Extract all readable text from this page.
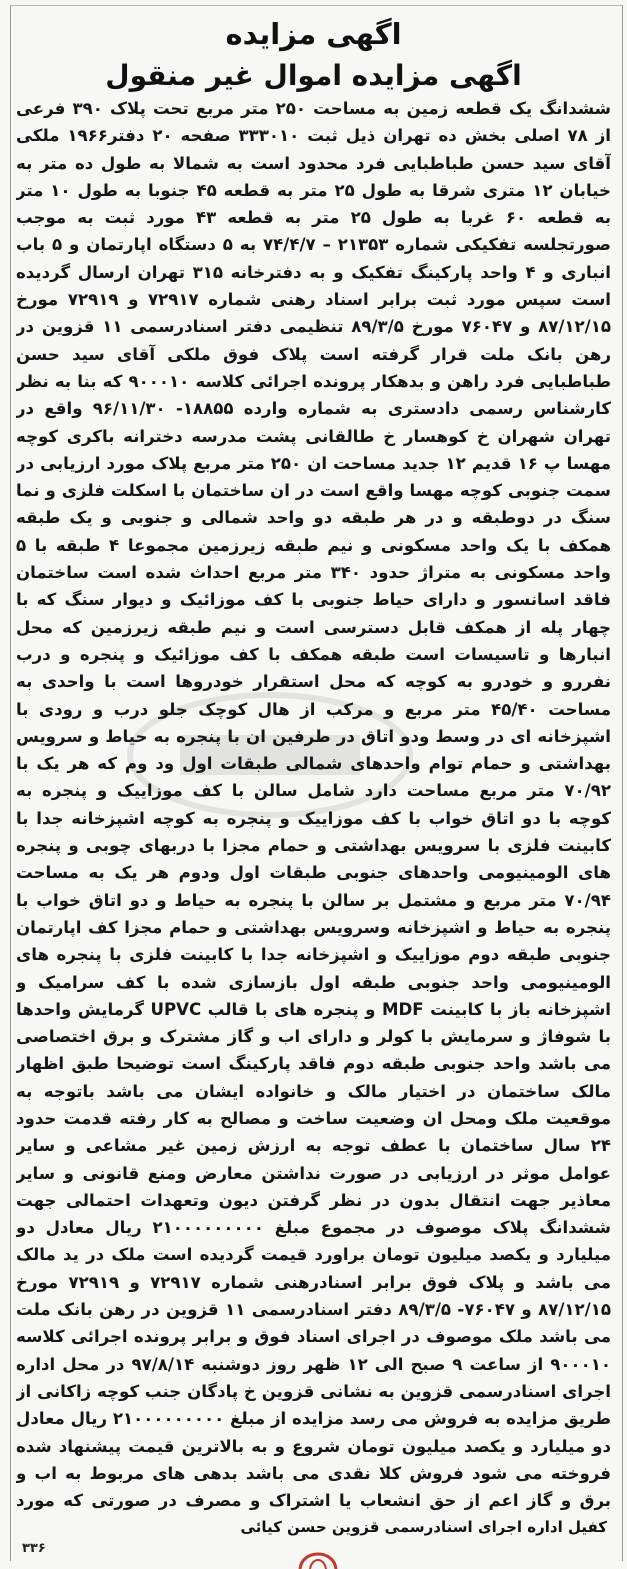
اگهی مزایده
اگهی مزایده اموال غیر منقول
ششدانگ یک قطعه زمین به مساحت ۲۵۰ متر مربع تحت پلاک ۳۹۰ فرعی از ۷۸ اصلی بخش ده تهران ذیل ثبت ۳۳۳۰۱۰ صفحه ۲۰ دفتر۱۹۶۶ ملکی آقای سید حسن طباطبایی فرد محدود است به شمالا به طول ده متر به خیابان ۱۲ متری شرقا به طول ۲۵ متر به قطعه ۴۵ جنوبا به طول ۱۰ متر به قطعه ۶۰ غربا به طول ۲۵ متر به قطعه ۴۳ مورد ثبت به موجب صورتجلسه تفکیکی شماره ۲۱۳۵۳ – ۷۴/۴/۷ به ۵ دستگاه اپارتمان و ۵ باب انباری و ۴ واحد پارکینگ تفکیک و به دفترخانه ۳۱۵ تهران ارسال گردیده است سپس مورد ثبت برابر اسناد رهنی شماره ۷۲۹۱۷ و ۷۲۹۱۹ مورخ ۸۷/۱۲/۱۵ و ۷۶۰۴۷ مورخ ۸۹/۳/۵ تنظیمی دفتر اسنادرسمی ۱۱ قزوین در رهن بانک ملت قرار گرفته است پلاک فوق ملکی آقای سید حسن طباطبایی فرد راهن و بدهکار پرونده اجرائی کلاسه ۹۰۰۰۱۰ که بنا به نظر کارشناس رسمی دادستری به شماره وارده ۱۸۸۵۵- ۹۶/۱۱/۳۰ واقع در تهران شهران خ کوهسار خ طالقانی پشت مدرسه دخترانه باکری کوچه مهسا پ ۱۶ قدیم ۱۲ جدید مساحت ان ۲۵۰ متر مربع پلاک مورد ارزیابی در سمت جنوبی کوچه مهسا واقع است در ان ساختمان با اسکلت فلزی و نما سنگ در دوطبقه و در هر طبقه دو واحد شمالی و جنوبی و یک طبقه همکف با یک واحد مسکونی و نیم طبقه زیرزمین مجموعا ۴ طبقه با ۵ واحد مسکونی به متراژ حدود ۳۴۰ متر مربع احداث شده است ساختمان فاقد اسانسور و دارای حیاط جنوبی با کف موزائیک و دیوار سنگ که با چهار پله از همکف قابل دسترسی است و نیم طبقه زیرزمین که محل انبارها و تاسیسات است طبقه همکف با کف موزائیک و پنجره و درب نفررو و خودرو به کوچه که محل استقرار خودروها است با واحدی به مساحت ۴۵/۴۰ متر مربع و مرکب از هال کوچک جلو درب و رودی با اشپزخانه ای در وسط ودو اتاق در طرفین ان با پنجره به حیاط و سرویس بهداشتی و حمام توام واحدهای شمالی طبقات اول ود وم که هر یک با ۷۰/۹۲ متر مربع مساحت دارد شامل سالن با کف موزاییک و پنجره به کوچه با دو اتاق خواب با کف موزاییک و پنجره به کوچه اشپزخانه جدا با کابینت فلزی با سرویس بهداشتی و حمام مجزا با دربهای چوبی و پنجره های الومینیومی واحدهای جنوبی طبقات اول ودوم هر یک به مساحت ۷۰/۹۴ متر مربع و مشتمل بر سالن با پنجره به حیاط و دو اتاق خواب با پنجره به حیاط و اشپزخانه وسرویس بهداشتی و حمام مجزا کف اپارتمان جنوبی طبقه دوم موزاییک و اشپزخانه جدا با کابینت فلزی با پنجره های الومینیومی واحد جنوبی طبقه اول بازسازی شده با کف سرامیک و اشپزخانه باز با کابینت MDF و پنجره های با قالب UPVC گرمایش واحدها با شوفاژ و سرمایش با کولر و دارای اب و گاز مشترک و برق اختصاصی می باشد واحد جنوبی طبقه دوم فاقد پارکینگ است توضیحا طبق اظهار مالک ساختمان در اختیار مالک و خانواده ایشان می باشد باتوجه به موقعیت ملک ومحل ان وضعیت ساخت و مصالح به کار رفته قدمت حدود ۲۴ سال ساختمان با عطف توجه به ارزش زمین غیر مشاعی و سایر عوامل موثر در ارزیابی در صورت نداشتن معارض ومنع قانونی و سایر معاذیر جهت انتقال بدون در نظر گرفتن دیون وتعهدات احتمالی جهت ششدانگ پلاک موصوف در مجموع مبلغ ۲۱۰۰۰۰۰۰۰۰۰ ریال معادل دو میلیارد و یکصد میلیون تومان براورد قیمت گردیده است ملک در ید مالک می باشد و پلاک فوق برابر اسنادرهنی شماره ۷۲۹۱۷ و ۷۲۹۱۹ مورخ ۸۷/۱۲/۱۵ و ۷۶۰۴۷- ۸۹/۳/۵ دفتر اسنادرسمی ۱۱ قزوین در رهن بانک ملت می باشد ملک موصوف در اجرای اسناد فوق و برابر پرونده اجرائی کلاسه ۹۰۰۰۱۰ از ساعت ۹ صبح الی ۱۲ ظهر روز دوشنبه ۹۷/۸/۱۴ در محل اداره اجرای اسنادرسمی قزوین به نشانی قزوین خ پادگان جنب کوچه زاکانی از طریق مزایده به فروش می رسد مزایده از مبلغ ۲۱۰۰۰۰۰۰۰۰۰ ریال معادل دو میلیارد و یکصد میلیون تومان شروع و به بالاترین قیمت پیشنهاد شده فروخته می شود فروش کلا نقدی می باشد بدهی های مربوط به اب و برق و گاز اعم از حق انشعاب یا اشتراک و مصرف در صورتی که مورد
کفیل اداره اجرای اسنادرسمی قزوین حسن کیائی
۳۳۶
